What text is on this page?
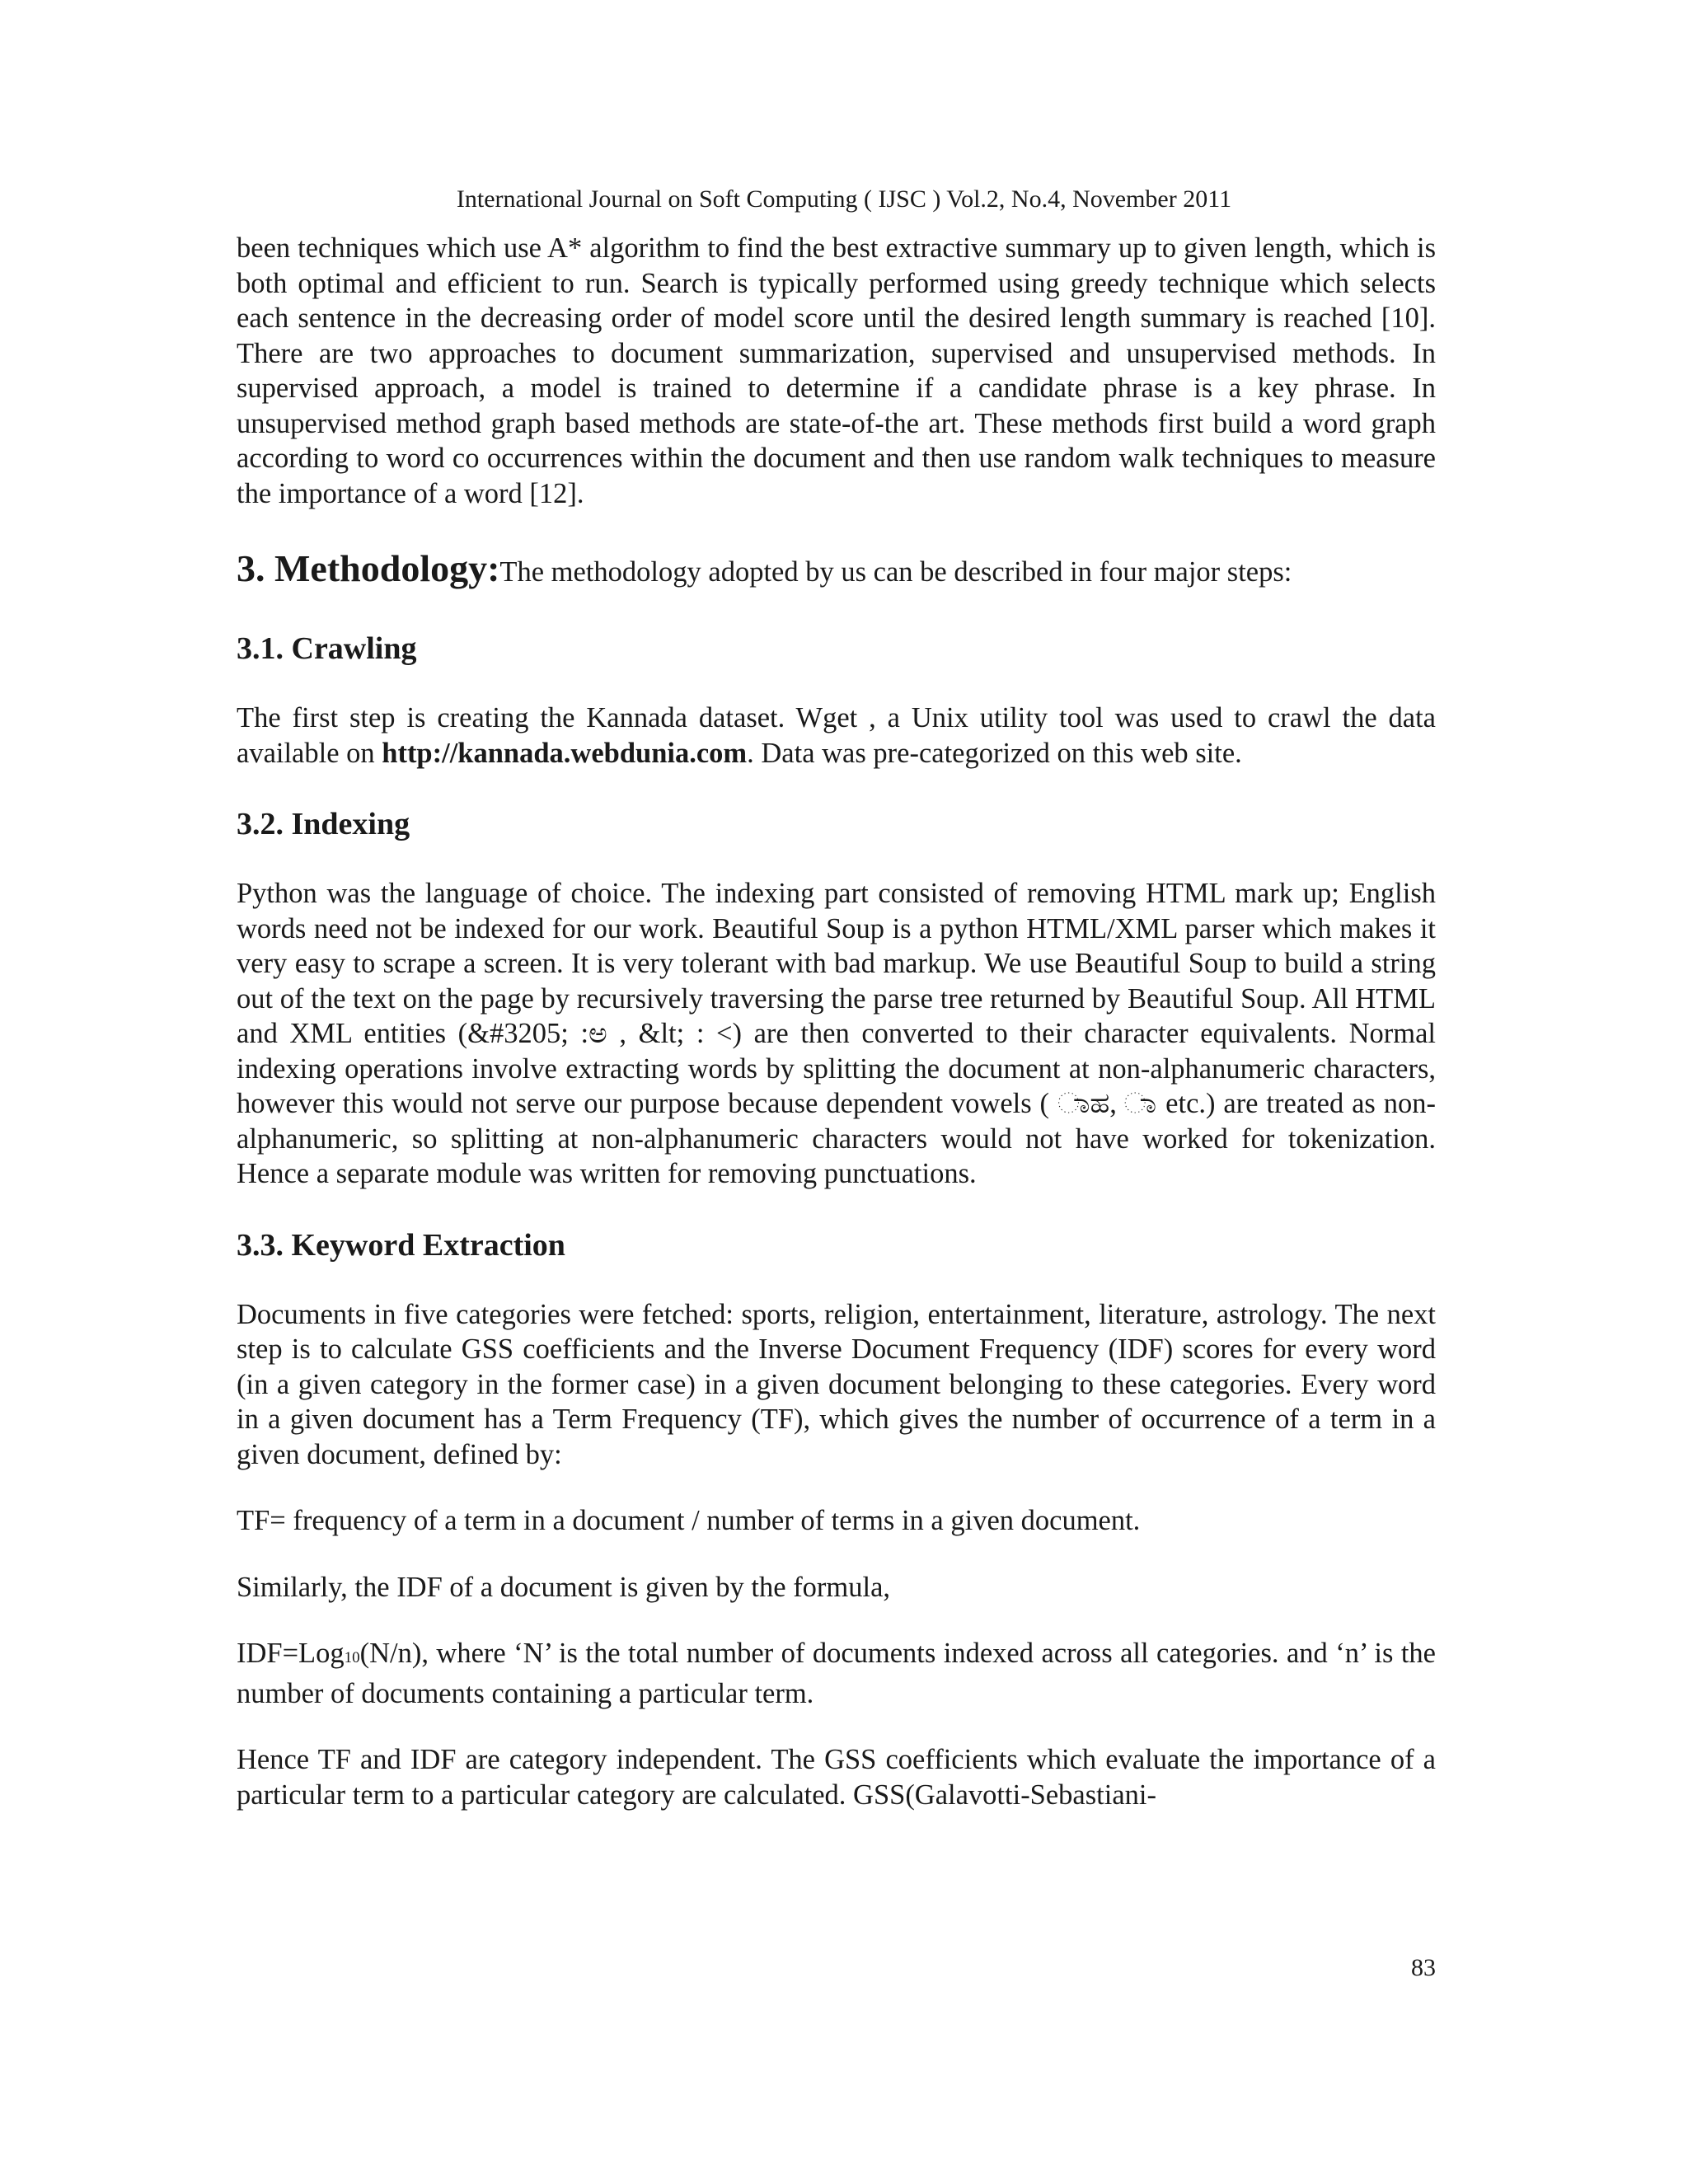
International Journal on Soft Computing ( IJSC ) Vol.2, No.4, November 2011

been techniques which use A* algorithm to find the best extractive summary up to given length, which is both optimal and efficient to run. Search is typically performed using greedy technique which selects each sentence in the decreasing order of model score until the desired length summary is reached [10]. There are two approaches to document summarization, supervised and unsupervised methods. In supervised approach, a model is trained to determine if a candidate phrase is a key phrase. In unsupervised method graph based methods are state-of-the art. These methods first build a word graph according to word co occurrences within the document and then use random walk techniques to measure the importance of a word [12].

3. Methodology:The methodology adopted by us can be described in four major steps:

3.1. Crawling

The first step is creating the Kannada dataset. Wget , a Unix utility tool was used to crawl the data available on http://kannada.webdunia.com. Data was pre-categorized on this web site.

3.2. Indexing

Python was the language of choice. The indexing part consisted of removing HTML mark up; English words need not be indexed for our work. Beautiful Soup is a python HTML/XML parser which makes it very easy to scrape a screen. It is very tolerant with bad markup. We use Beautiful Soup to build a string out of the text on the page by recursively traversing the parse tree returned by Beautiful Soup. All HTML and XML entities (&#3205; :ಅ , &lt; : <) are then converted to their character equivalents. Normal indexing operations involve extracting words by splitting the document at non-alphanumeric characters, however this would not serve our purpose because dependent vowels ( ಾಹ, ಾ etc.) are treated as non-alphanumeric, so splitting at non-alphanumeric characters would not have worked for tokenization. Hence a separate module was written for removing punctuations.

3.3. Keyword Extraction

Documents in five categories were fetched: sports, religion, entertainment, literature, astrology. The next step is to calculate GSS coefficients and the Inverse Document Frequency (IDF) scores for every word (in a given category in the former case) in a given document belonging to these categories. Every word in a given document has a Term Frequency (TF), which gives the number of occurrence of a term in a given document, defined by:

TF= frequency of a term in a document / number of terms in a given document.

Similarly, the IDF of a document is given by the formula,

IDF=Log10(N/n), where ‘N’ is the total number of documents indexed across all categories. and ‘n’ is the number of documents containing a particular term.

Hence TF and IDF are category independent. The GSS coefficients which evaluate the importance of a particular term to a particular category are calculated. GSS(Galavotti-Sebastiani-

83
